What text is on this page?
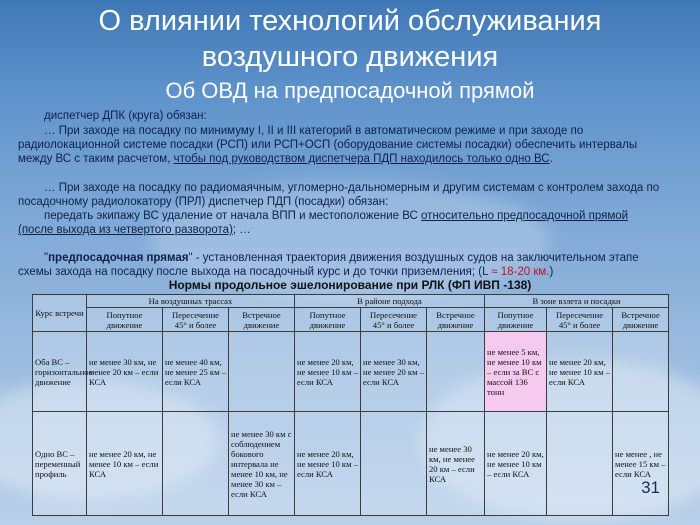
О влиянии технологий обслуживания
воздушного движения
Об ОВД на предпосадочной прямой
диспетчер ДПК (круга) обязан:
… При заходе на посадку по минимуму I, II и III категорий в автоматическом режиме и при заходе по
радиолокационной системе посадки (РСП) или РСП+ОСП (оборудование системы посадки) обеспечить интервалы
между ВС с таким расчетом, чтобы под руководством диспетчера ПДП находилось только одно ВС.
… При заходе на посадку по радиомаячным, угломерно-дальномерным и другим системам с контролем захода по
посадочному радиолокатору (ПРЛ) диспетчер ПДП (посадки) обязан:
передать экипажу ВС удаление от начала ВПП и местоположение ВС относительно предпосадочной прямой
(после выхода из четвертого разворота); …
"предпосадочная прямая" - установленная траектория движения воздушных судов на заключительном этапе
схемы захода на посадку после выхода на посадочный курс и до точки приземления; (L ≈ 18-20 км.)
Нормы продольное эшелонирование при РЛК (ФП ИВП -138)
Курс встречи	На воздушных трассах			В районе подхода			В зоне взлета и посадки		
	Попутное движение	Пересечение 45° и более	Встречное движение	Попутное движение	Пересечение 45° и более	Встречное движение	Попутное движение	Пересечение 45° и более	Встречное движение
Оба ВС – горизонтальное движение	не менее 30 км, не менее 20 км – если КСА	не менее 40 км, не менее 25 км – если КСА		не менее 20 км, не менее 10 км – если КСА	не менее 30 км, не менее 20 км – если КСА		не менее 5 км, не менее 10 км – если за ВС с массой 136 тонн	не менее 20 км, не менее 10 км – если КСА	
Одно ВС – переменный профиль	не менее 20 км, не менее 10 км – если КСА		не менее 30 км с соблюдением бокового интервала не менее 10 км, не менее 30 км – если КСА	не менее 20 км, не менее 10 км – если КСА		не менее 30 км, не менее 20 км – если КСА	не менее 20 км, не менее 10 км – если КСА		не менее , не менее 15 км – если КСА
31
